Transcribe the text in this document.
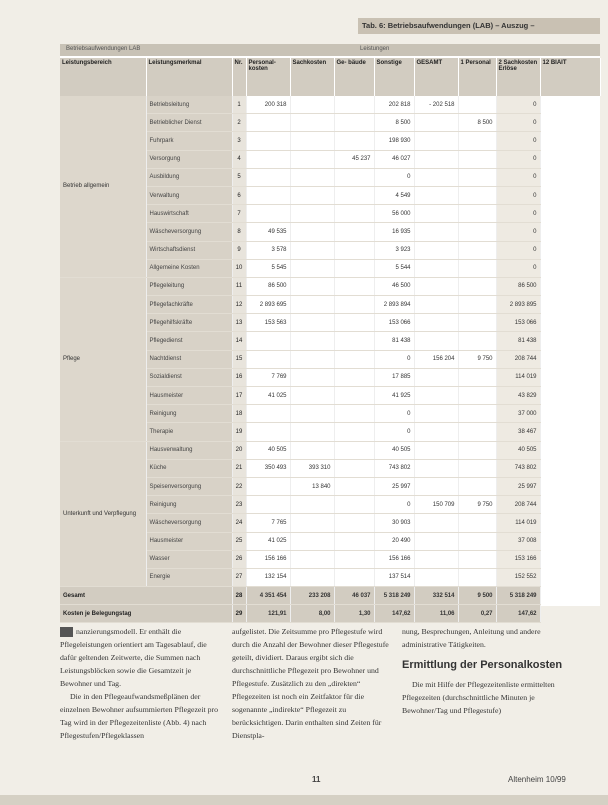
Tab. 6: Betriebsaufwendungen (LAB) – Auszug –
Betriebsaufwendungen LAB	Leistungen
Leistungsbereich	Leistungsmerkmal	Nr.	Personal- kosten	Sachkosten	Ge- bäude	Sonstige	GESAMT	1 Personal	2 Sachkosten Erlöse	12 BIAIT
Betrieb allgemein	Betriebsleitung	1	200 318			202 818	- 202 518		0	
	Betrieblicher Dienst	2				8 500		8 500	0	
	Fuhrpark	3				198 930			0	
	Versorgung	4			45 237	46 027			0	
	Ausbildung	5				0			0	
	Verwaltung	6				4 549			0	
	Hauswirtschaft	7				56 000			0	
	Wäscheversorgung	8	49 535			16 935			0	
	Wirtschaftsdienst	9	3 578			3 923			0	
	Allgemeine Kosten	10	5 545			5 544			0	
Pflege	Pflegeleitung	11	86 500			46 500			86 500	
	Pflegefachkräfte	12	2 893 695			2 893 894			2 893 895	
	Pflegehilfskräfte	13	153 563			153 066			153 066	
	Pflegedienst	14				81 438			81 438	
	Nachtdienst	15				0	156 204	9 750	208 744	
	Sozialdienst	16	7 769			17 885			114 019	
	Hausmeister	17	41 025			41 925			43 829	
	Reinigung	18				0			37 000	
	Therapie	19				0			38 467	
Unterkunft und Verpflegung	Hausverwaltung	20	40 505			40 505			40 505	
	Küche	21	350 493	393 310		743 802			743 802	
	Speisenversorgung	22		13 840		25 997			25 997	
	Reinigung	23				0	150 709	9 750	208 744	
	Wäscheversorgung	24	7 765			30 903			114 019	
	Hausmeister	25	41 025			20 490			37 008	
	Wasser	26	156 166			156 166			153 166	
	Energie	27	132 154			137 514			152 552	
Gesamt		28	4 351 454	233 208	46 037	5 318 249	332 514	9 500	5 318 249	
Kosten je Belegungstag		29	121,91	8,00	1,30	147,62	11,06	0,27	147,62	

nanzierungsmodell. Er enthält die Pflegeleistungen orientiert am Tagesablauf, die dafür geltenden Zeitwerte, die Summen nach Leistungsblöcken sowie die Gesamtzeit je Bewohner und Tag.

Die in den Pflegeaufwandsmeßplänen der einzelnen Bewohner aufsummierten Pflegezeit pro Tag wird in der Pflegezeitenliste (Abb. 4) nach Pflegestufen/Pflegeklassen

aufgelistet. Die Zeitsumme pro Pflegestufe wird durch die Anzahl der Bewohner dieser Pflegestufe geteilt, dividiert. Daraus ergibt sich die durchschnittliche Pflegezeit pro Bewohner und Pflegestufe. Zusätzlich zu den „direkten“ Pflegezeiten ist noch ein Zeitfaktor für die sogenannte „indirekte“ Pflegezeit zu berücksichtigen. Darin enthalten sind Zeiten für Dienstpla-

nung, Besprechungen, Anleitung und andere administrative Tätigkeiten.

Ermittlung der Personalkosten

Die mit Hilfe der Pflegezeitenliste ermittelten Pflegezeiten (durchschnittliche Minuten je Bewohner/Tag und Pflegestufe)

11	Altenheim 10/99
